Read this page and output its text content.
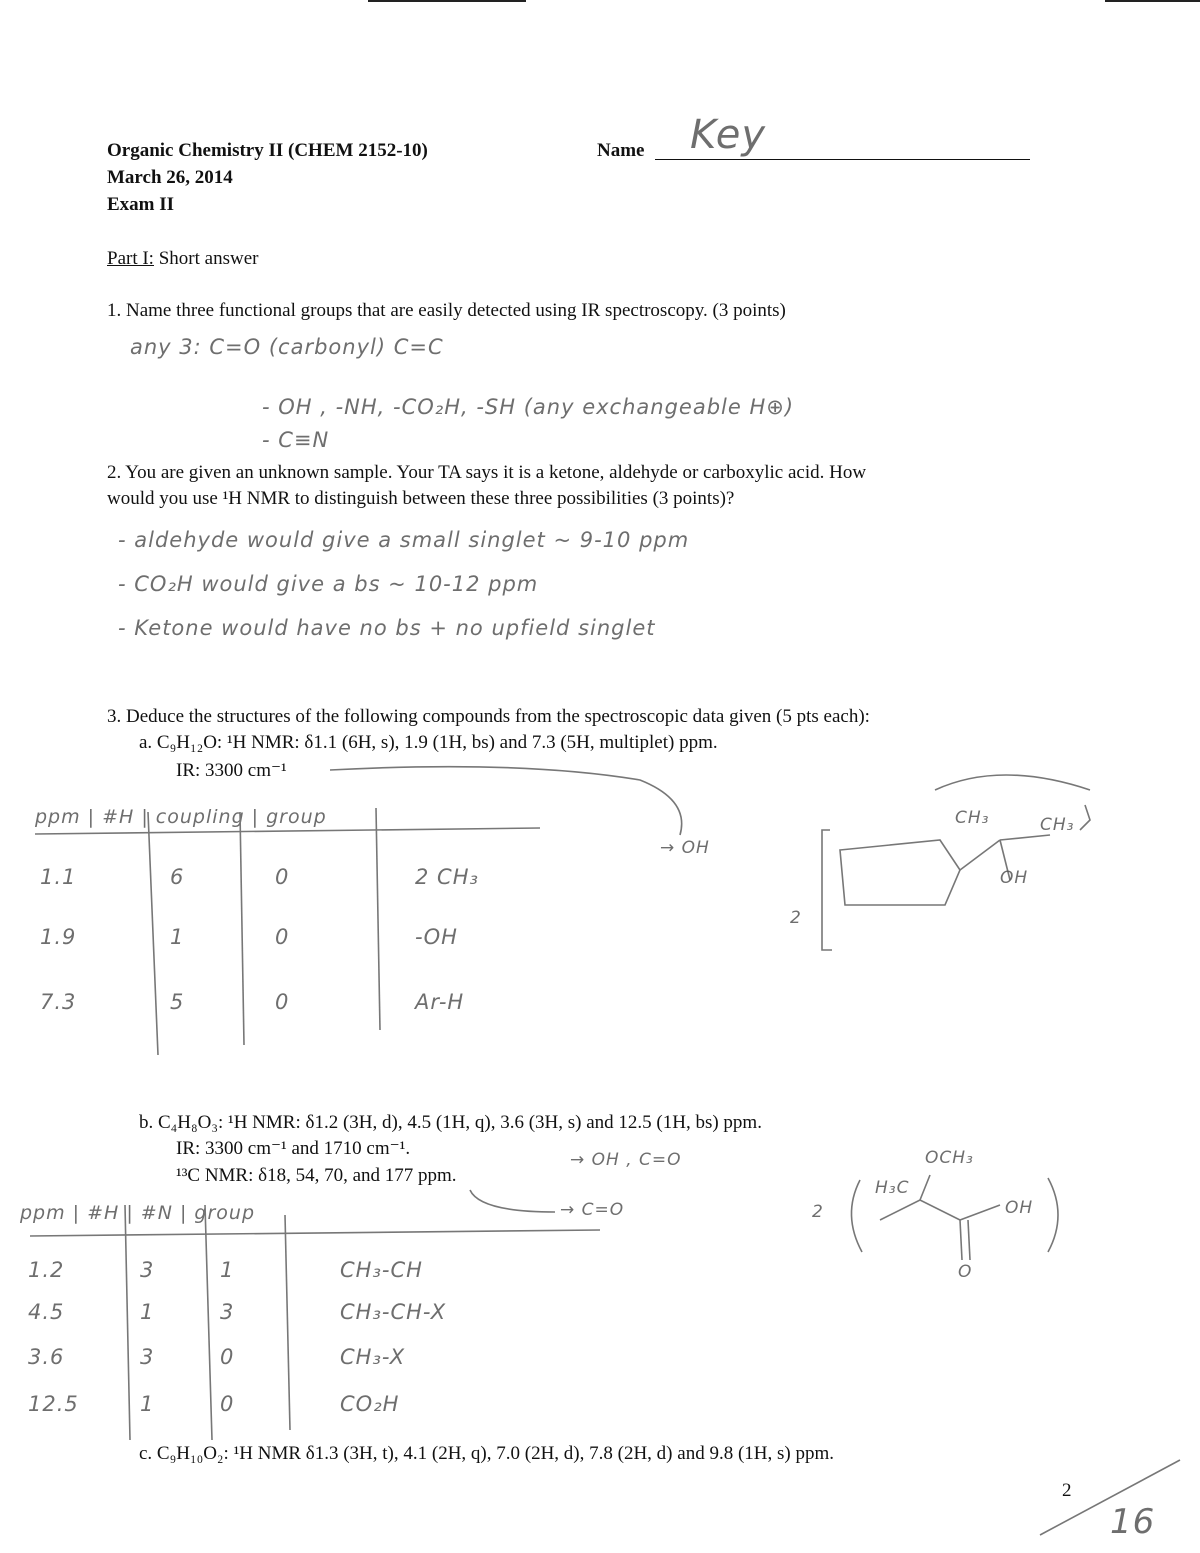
Organic Chemistry II (CHEM 2152-10)
March 26, 2014
Exam II
Name Key
Part I: Short answer
1. Name three functional groups that are easily detected using IR spectroscopy. (3 points)
any 3: C=O (carbonyl) C=C
- OH , -NH, -CO₂H, -SH (any exchangeable H⊕)
- C≡N
2. You are given an unknown sample. Your TA says it is a ketone, aldehyde or carboxylic acid. How
would you use ¹H NMR to distinguish between these three possibilities (3 points)?
- aldehyde would give a small singlet ~ 9-10 ppm
- CO₂H would give a bs ~ 10-12 ppm
- Ketone would have no bs + no upfield singlet
3. Deduce the structures of the following compounds from the spectroscopic data given (5 pts each):
a. C₉H₁₂O: ¹H NMR: δ1.1 (6H, s), 1.9 (1H, bs) and 7.3 (5H, multiplet) ppm.
IR: 3300 cm⁻¹
→ OH
ppm | #H | coupling | group
1.1	6	0	2 CH₃
1.9	1	0	-OH
7.3	5	0	Ar-H
CH₃	CH₃
OH
2
b. C₄H₈O₃: ¹H NMR: δ1.2 (3H, d), 4.5 (1H, q), 3.6 (3H, s) and 12.5 (1H, bs) ppm.
IR: 3300 cm⁻¹ and 1710 cm⁻¹.
→ OH , C=O
¹³C NMR: δ18, 54, 70, and 177 ppm.
→ C=O
ppm | #H | #N | group
1.2	3	1	CH₃-CH
4.5	1	3	CH₃-CH-X
3.6	3	0	CH₃-X
12.5	1	0	CO₂H
OCH₃
H₃C
OH
O
2
c. C₉H₁₀O₂: ¹H NMR δ1.3 (3H, t), 4.1 (2H, q), 7.0 (2H, d), 7.8 (2H, d) and 9.8 (1H, s) ppm.
2
16
